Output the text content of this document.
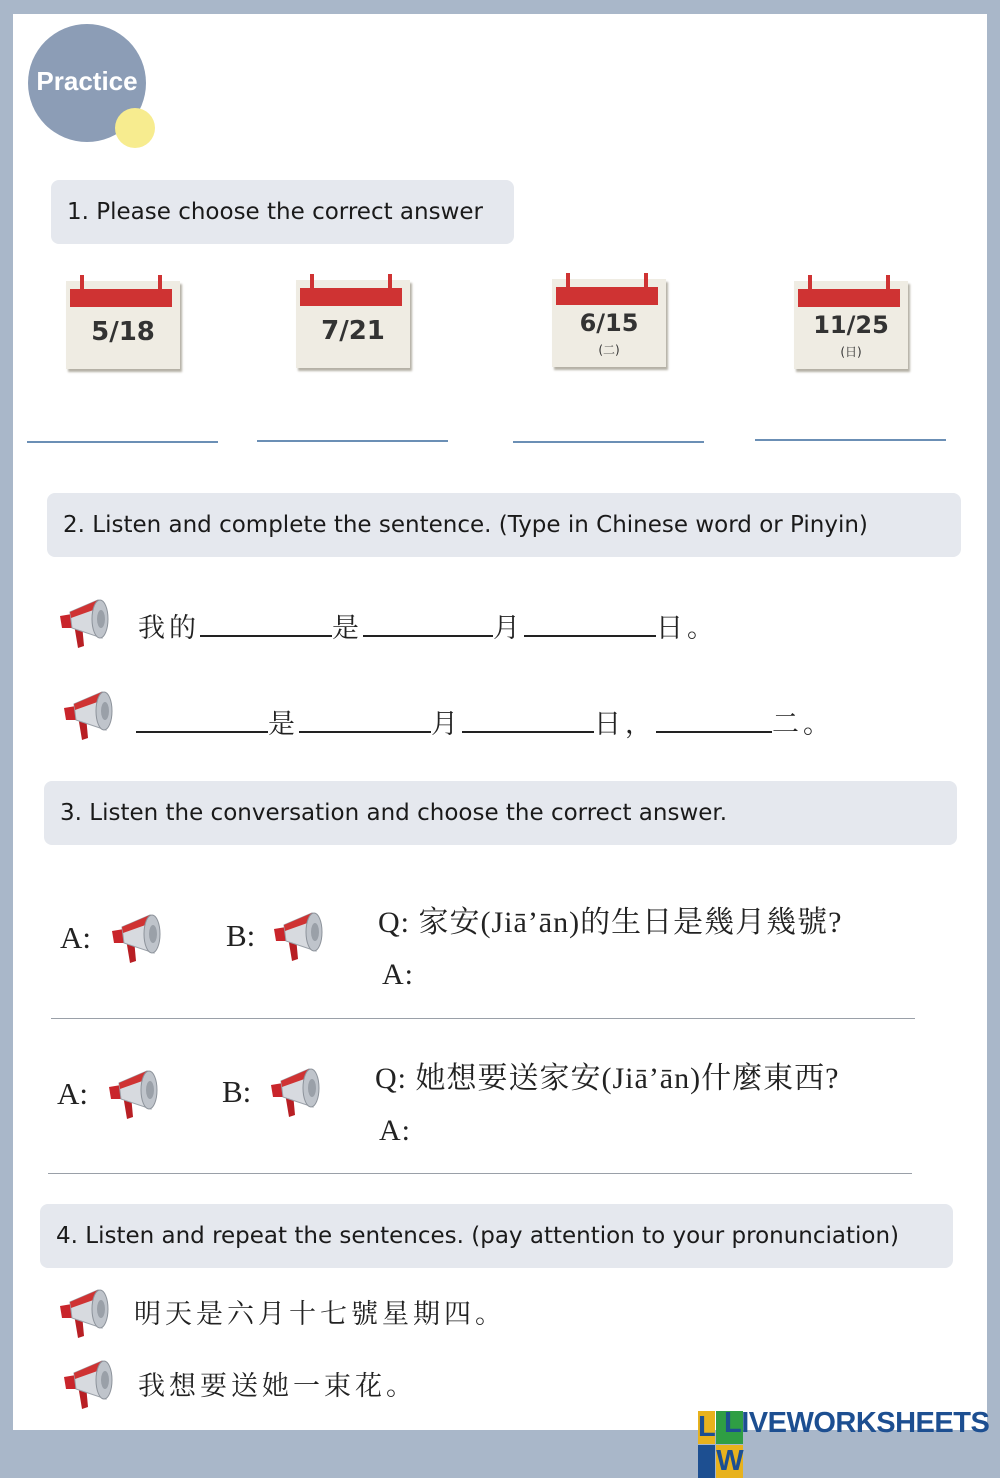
Practice
1. Please choose the correct answer
5/18	7/21	6/15
(二)
11/25
(日)
2. Listen and complete the sentence. (Type in Chinese word or Pinyin)
我的	是	月	日。
是	月	日，	二。
3. Listen the conversation and choose the correct answer.
A:	B:	Q: 家安(Jiā’ān)的生日是幾月幾號?
A:
A:	B:	Q: 她想要送家安(Jiā’ān)什麼東西?
A:
4. Listen and repeat the sentences. (pay attention to your pronunciation)
明天是六月十七號星期四。
我想要送她一束花。
L
W
LIVEWORKSHEETS
